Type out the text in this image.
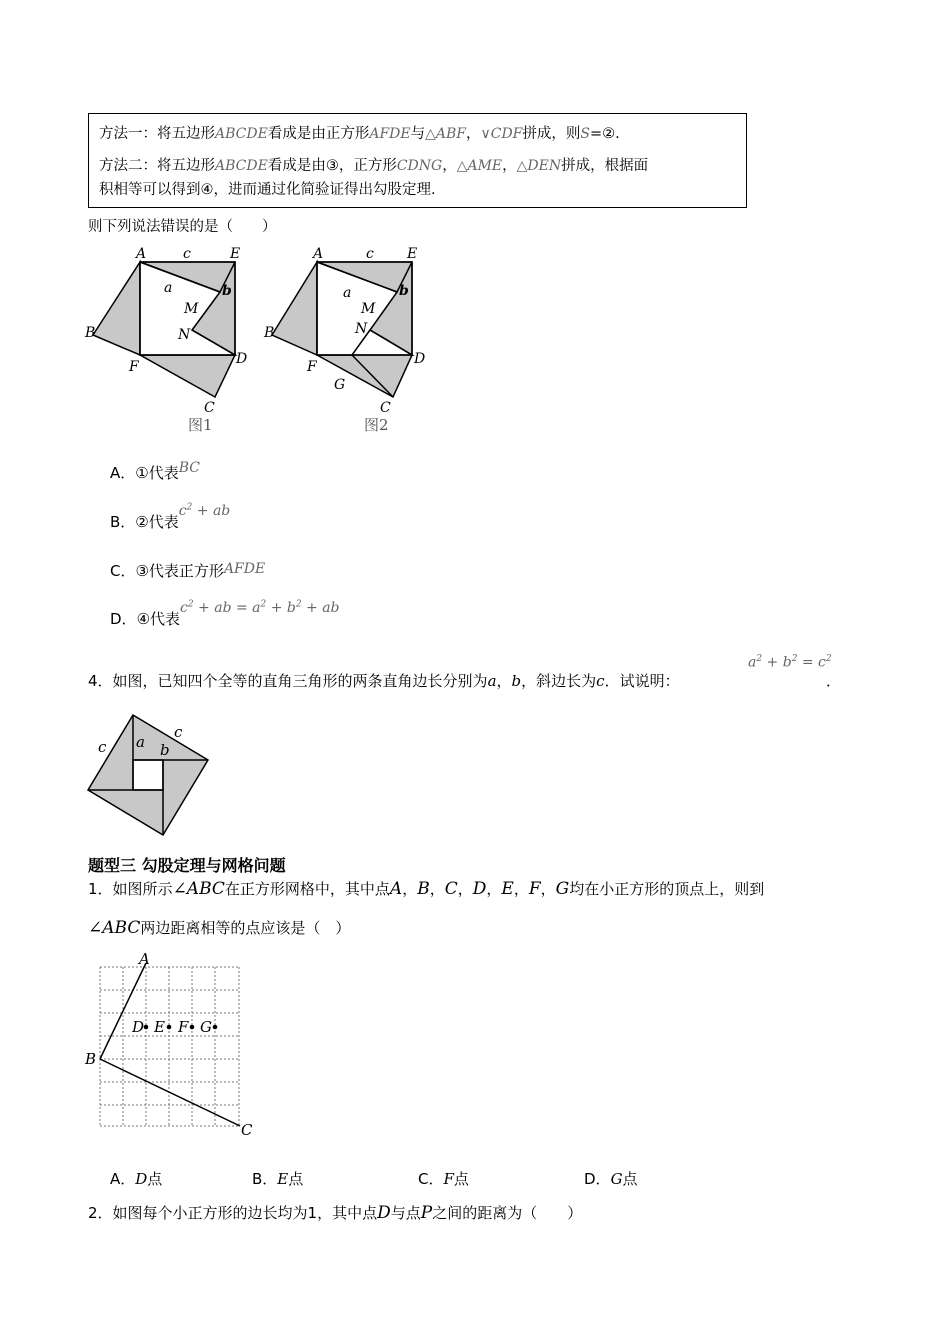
方法一：将五边形ABCDE看成是由正方形AFDE与△ABF，∨CDF拼成，则S=②.
方法二：将五边形ABCDE看成是由③，正方形CDNG，△AME，△DEN拼成，根据面
积相等可以得到④，进而通过化简验证得出勾股定理.
则下列说法错误的是（　　）
A	c	E
a	b
M
N
B
D
F
C
图1
A	c E
a	b
M
N
B
D
F
G
C
图2
A．①代表BC
B．②代表$c^2$ + ab
C．③代表正方形AFDE
D．④代表$c^2$ + ab = $a^2 + b^2$ + ab
4．如图，已知四个全等的直角三角形的两条直角边长分别为a，b，斜边长为c．试说明：
$a^2 + b^2 = c^2$
．
c a
c
b
题型三 勾股定理与网格问题
1．如图所示∠ABC在正方形网格中，其中点A，B，C，D，E，F，G均在小正方形的顶点上，则到
∠ABC两边距离相等的点应该是（　）
A
B
C
D E F G
A．D点	B．E点	C．F点	D．G点
2．如图每个小正方形的边长均为1，其中点D与点P之间的距离为（　　）
